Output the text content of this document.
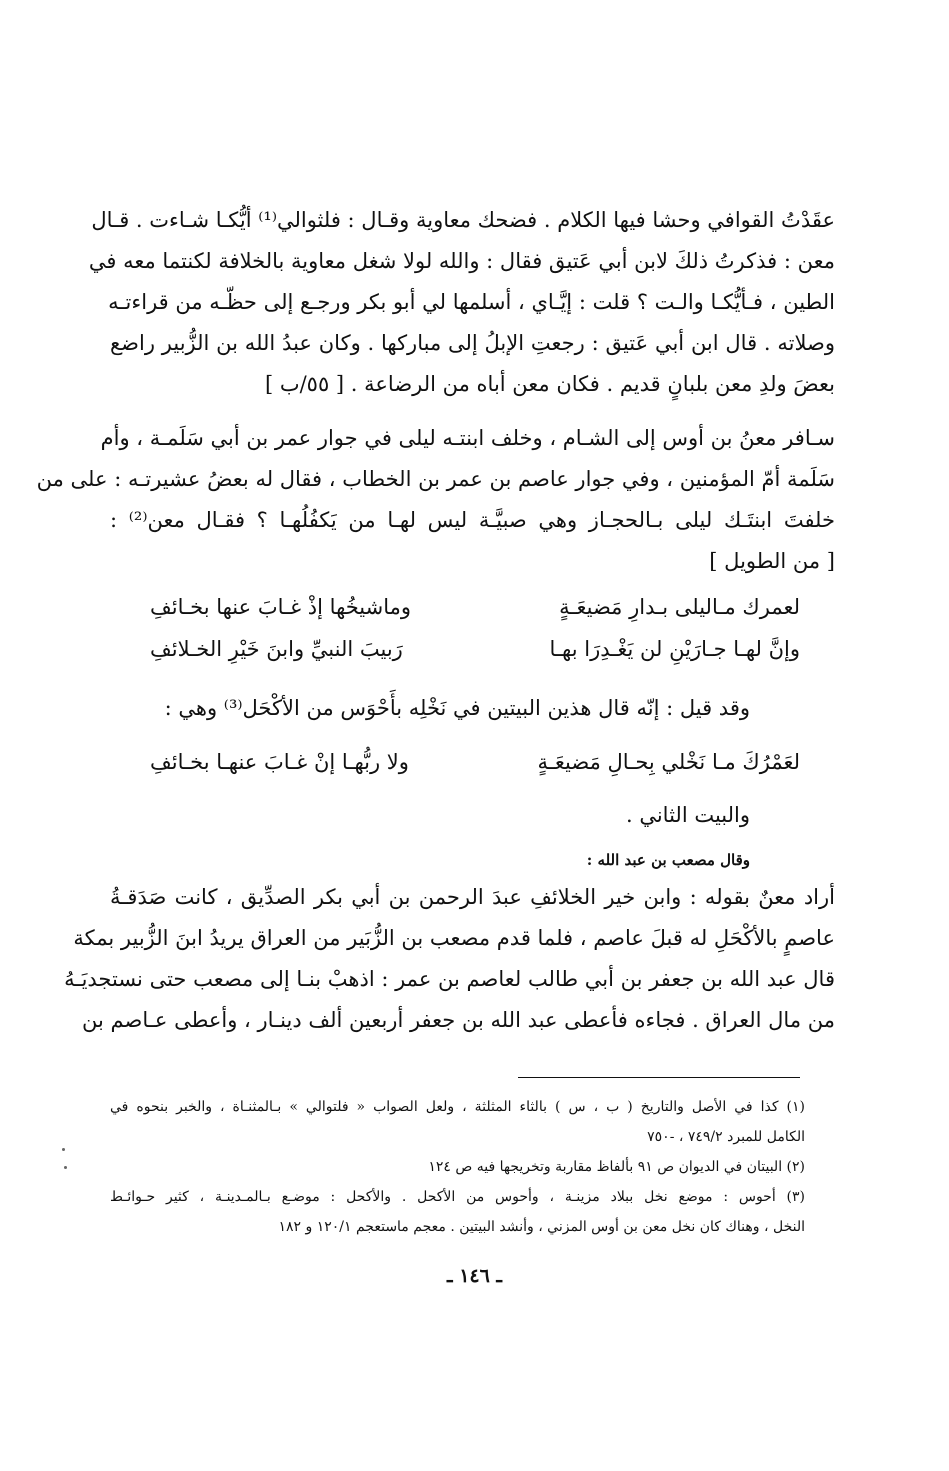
عقَدْتُ القوافي وحشا فيها الكلام . فضحك معاوية وقـال : فلثوالي⁽¹⁾ أيُّكـا شـاءت . قـال
معن : فذكرتُ ذلكَ لابن أبي عَتيق فقال : والله لولا شغل معاوية بالخلافة لكنتما معه في
الطين ، فـأيُّكـا والـت ؟ قلت : إيَّـاي ، أسلمها لي أبو بكر ورجـع إلى حظّـه من قراءتـه
وصلاته . قال ابن أبي عَتيق : رجعتِ الإبلُ إلى مباركها . وكان عبدُ الله بن الزُّبير راضع
بعضَ ولدِ معن بلبانٍ قديم . فكان معن أباه من الرضاعة . [ ٥٥/ب ]
سـافر معنُ بن أوس إلى الشـام ، وخلف ابنتـه ليلى في جوار عمر بن أبي سَلَمـة ، وأم
سَلَمة أمّ المؤمنين ، وفي جوار عاصم بن عمر بن الخطاب ، فقال له بعضُ عشيرتـه : على من
خلفتَ ابنتَـك ليلى بـالحجـاز وهي صبيَّـة ليس لهـا من يَكفُلُهـا ؟ فقـال معن⁽²⁾ :
[ من الطويل ]
لعمرك مـاليلى بـدارِ مَضيعَـةٍ
وماشيخُها إذْ غـابَ عنها بخـائفِ
وإنَّ لهـا جـارَيْنِ لن يَغْـدِرَا بهـا
رَبيبَ النبيِّ وابنَ خَيْرِ الخـلائفِ
وقد قيل : إنّه قال هذين البيتين في نَخْلِه بأَحْوَس من الأكْحَل⁽³⁾ وهي :
لعَمْرُكَ مـا نَخْلي بِحـالِ مَضيعَـةٍ
ولا ربُّهـا إنْ غـابَ عنهـا بخـائفِ
والبيت الثاني .
وقال مصعب بن عبد الله :
أراد معنٌ بقوله : وابن خير الخلائفِ عبدَ الرحمن بن أبي بكر الصدِّيق ، كانت صَدَقـةُ
عاصمٍ بالأكْحَلِ له قبلَ عاصم ، فلما قدم مصعب بن الزُّبَير من العراق يريدُ ابنَ الزُّبير بمكة
قال عبد الله بن جعفر بن أبي طالب لعاصم بن عمر : اذهبْ بنـا إلى مصعب حتى نستجديَـهُ
من مال العراق . فجاءه فأعطى عبد الله بن جعفر أربعين ألف دينـار ، وأعطى عـاصم بن
(١) كذا في الأصل والتاريخ ( ب ، س ) بالثاء المثلثة ، ولعل الصواب « فلتوالي » بـالمثنـاة ، والخبر بنحوه في
الكامل للمبرد ٧٤٩/٢ ، -٧٥٠
(٢) البيتان في الديوان ص ٩١ بألفاظ مقاربة وتخريجها فيه ص ١٢٤
(٣) أحوس : موضع نخل ببلاد مزينـة ، وأحوس من الأكحل . والأكحل : موضـع بـالمـدينـة ، كثير حـوائـط
النخل ، وهناك كان نخل معن بن أوس المزني ، وأنشد البيتين . معجم ماستعجم ١٢٠/١ و ١٨٢
ـ ١٤٦ ـ
